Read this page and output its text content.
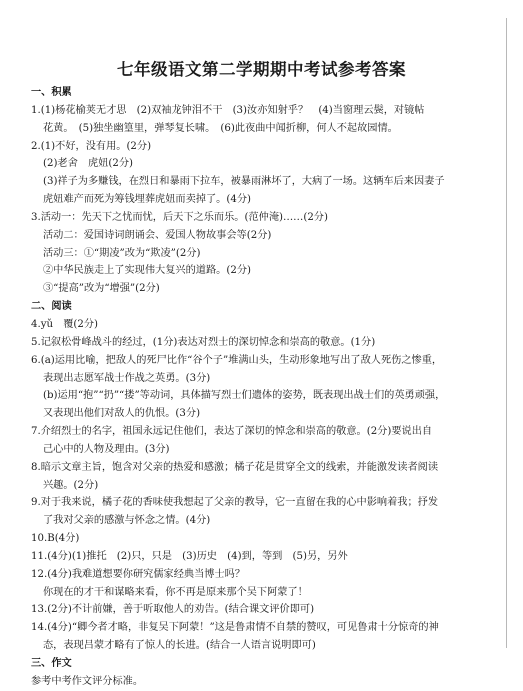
七年级语文第二学期期中考试参考答案
一、积累
1.(1)杨花榆荚无才思　(2)双袖龙钟泪不干　(3)汝亦知射乎？　(4)当窗理云鬓，对镜帖
花黄。　(5)独坐幽篁里，弹琴复长啸。　(6)此夜曲中闻折柳，何人不起故园情。
2.(1)不好，没有用。(2分)
(2)老舍　虎妞(2分)
(3)祥子为多赚钱，在烈日和暴雨下拉车，被暴雨淋坏了，大病了一场。这辆车后来因妻子
虎妞难产而死为筹钱埋葬虎妞而卖掉了。(4分)
3.活动一：先天下之忧而忧，后天下之乐而乐。(范仲淹)……(2分)
活动二：爱国诗词朗诵会、爱国人物故事会等(2分)
活动三：①“期凌”改为“欺凌”(2分)
②中华民族走上了实现伟大复兴的道路。(2分)
③“提高”改为“增强”(2分)
二、阅读
4.yǔ　覆(2分)
5.记叙松骨峰战斗的经过，(1分)表达对烈士的深切悼念和崇高的敬意。(1分)
6.(a)运用比喻，把敌人的死尸比作“谷个子”堆满山头，生动形象地写出了敌人死伤之惨重，
表现出志愿军战士作战之英勇。(3分)
(b)运用“抱”“扔”“搂”等动词，具体描写烈士们遗体的姿势，既表现出战士们的英勇顽强，
又表现出他们对敌人的仇恨。(3分)
7.介绍烈士的名字，祖国永远记住他们，表达了深切的悼念和崇高的敬意。(2分)要说出自
己心中的人物及理由。(3分)
8.暗示文章主旨，饱含对父亲的热爱和感激；橘子花是贯穿全文的线索，并能激发读者阅读
兴趣。(2分)
9.对于我来说，橘子花的香味使我想起了父亲的教导，它一直留在我的心中影响着我；抒发
了我对父亲的感激与怀念之情。(4分)
10.B(4分)
11.(4分)(1)推托　(2)只，只是　(3)历史　(4)到，等到　(5)另，另外
12.(4分)我难道想要你研究儒家经典当博士吗？
你现在的才干和谋略来看，你不再是原来那个吴下阿蒙了！
13.(2分)不计前嫌，善于听取他人的劝告。(结合课文评价即可)
14.(4分)“卿今者才略，非复吴下阿蒙！”这是鲁肃情不自禁的赞叹，可见鲁肃十分惊奇的神
态，表现吕蒙才略有了惊人的长进。(结合一人语言说明即可)
三、作文
参考中考作文评分标准。
